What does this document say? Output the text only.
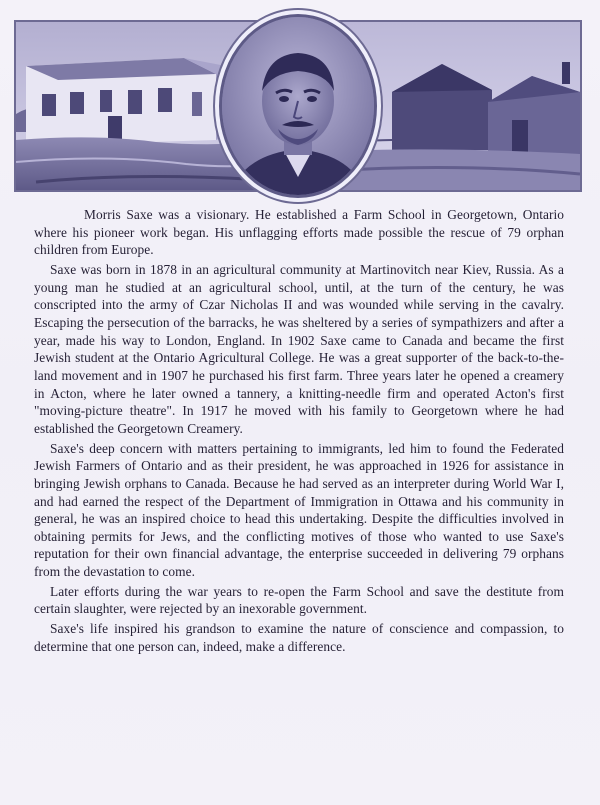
Morris Saxe was a visionary. He established a Farm School in Georgetown, Ontario where his pioneer work began. His unflagging efforts made possible the rescue of 79 orphan children from Europe.

Saxe was born in 1878 in an agricultural community at Martinovitch near Kiev, Russia. As a young man he studied at an agricultural school, until, at the turn of the century, he was conscripted into the army of Czar Nicholas II and was wounded while serving in the cavalry. Escaping the persecution of the barracks, he was sheltered by a series of sympathizers and after a year, made his way to London, England. In 1902 Saxe came to Canada and became the first Jewish student at the Ontario Agricultural College. He was a great supporter of the back-to-the-land movement and in 1907 he purchased his first farm. Three years later he opened a creamery in Acton, where he later owned a tannery, a knitting-needle firm and operated Acton's first "moving-picture theatre". In 1917 he moved with his family to Georgetown where he had established the Georgetown Creamery.

Saxe's deep concern with matters pertaining to immigrants, led him to found the Federated Jewish Farmers of Ontario and as their president, he was approached in 1926 for assistance in bringing Jewish orphans to Canada. Because he had served as an interpreter during World War I, and had earned the respect of the Department of Immigration in Ottawa and his community in general, he was an inspired choice to head this undertaking. Despite the difficulties involved in obtaining permits for Jews, and the conflicting motives of those who wanted to use Saxe's reputation for their own financial advantage, the enterprise succeeded in delivering 79 orphans from the devastation to come.

Later efforts during the war years to re-open the Farm School and save the destitute from certain slaughter, were rejected by an inexorable government.

Saxe's life inspired his grandson to examine the nature of conscience and compassion, to determine that one person can, indeed, make a difference.
